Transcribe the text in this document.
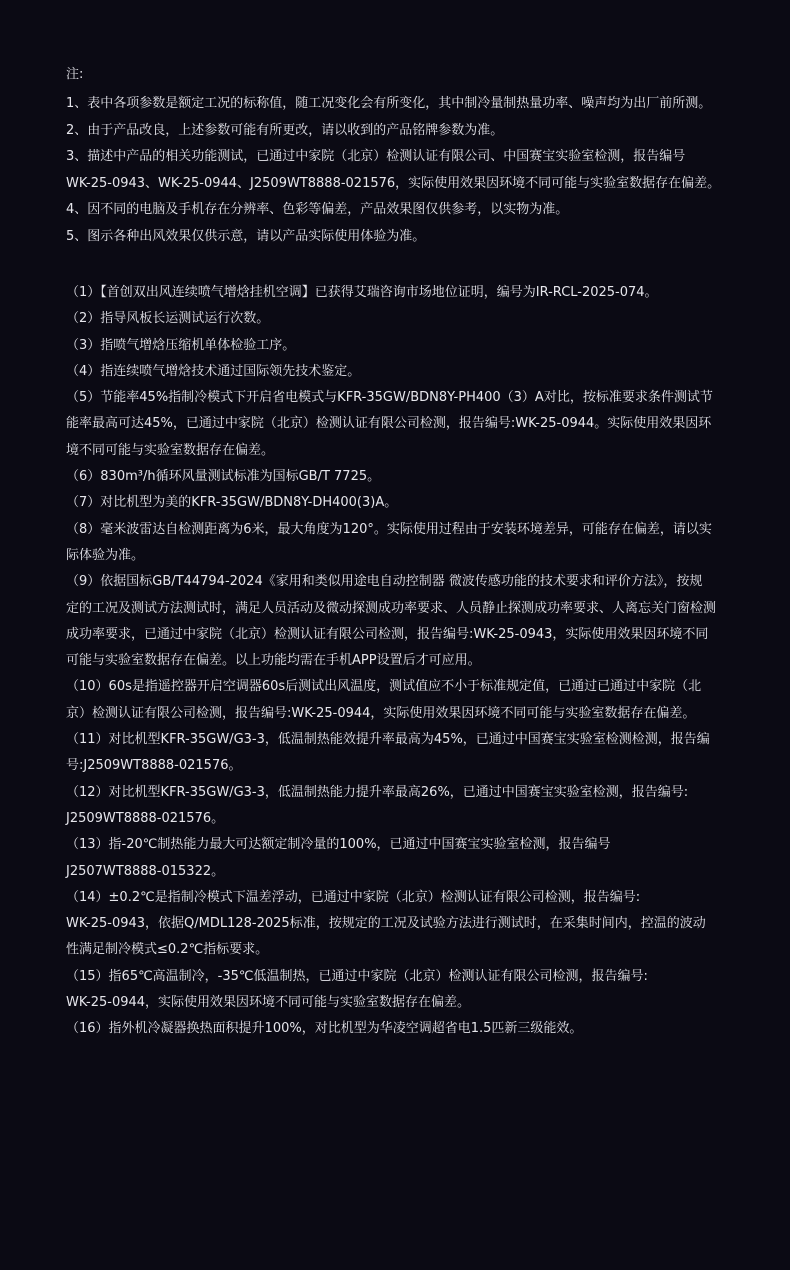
注:
1、表中各项参数是额定工况的标称值，随工况变化会有所变化，其中制冷量制热量功率、噪声均为出厂前所测。
2、由于产品改良，上述参数可能有所更改，请以收到的产品铭牌参数为准。
3、描述中产品的相关功能测试，已通过中家院（北京）检测认证有限公司、中国赛宝实验室检测，报告编号
WK-25-0943、WK-25-0944、J2509WT8888-021576，实际使用效果因环境不同可能与实验室数据存在偏差。
4、因不同的电脑及手机存在分辨率、色彩等偏差，产品效果图仅供参考，以实物为准。
5、图示各种出风效果仅供示意，请以产品实际使用体验为准。
（1）【首创双出风连续喷气增焓挂机空调】已获得艾瑞咨询市场地位证明，编号为IR-RCL-2025-074。
（2）指导风板长运测试运行次数。
（3）指喷气增焓压缩机单体检验工序。
（4）指连续喷气增焓技术通过国际领先技术鉴定。
（5）节能率45%指制冷模式下开启省电模式与KFR-35GW/BDN8Y-PH400（3）A对比，按标准要求条件测试节
能率最高可达45%，已通过中家院（北京）检测认证有限公司检测，报告编号:WK-25-0944。实际使用效果因环
境不同可能与实验室数据存在偏差。
（6）830m³/h循环风量测试标准为国标GB/T 7725。
（7）对比机型为美的KFR-35GW/BDN8Y-DH400(3)A。
（8）毫米波雷达自检测距离为6米，最大角度为120°。实际使用过程由于安装环境差异，可能存在偏差，请以实
际体验为准。
（9）依据国标GB/T44794-2024《家用和类似用途电自动控制器 微波传感功能的技术要求和评价方法》，按规
定的工况及测试方法测试时，满足人员活动及微动探测成功率要求、人员静止探测成功率要求、人离忘关门窗检测
成功率要求，已通过中家院（北京）检测认证有限公司检测，报告编号:WK-25-0943，实际使用效果因环境不同
可能与实验室数据存在偏差。以上功能均需在手机APP设置后才可应用。
（10）60s是指遥控器开启空调器60s后测试出风温度，测试值应不小于标准规定值，已通过已通过中家院（北
京）检测认证有限公司检测，报告编号:WK-25-0944，实际使用效果因环境不同可能与实验室数据存在偏差。
（11）对比机型KFR-35GW/G3-3，低温制热能效提升率最高为45%，已通过中国赛宝实验室检测检测，报告编
号:J2509WT8888-021576。
（12）对比机型KFR-35GW/G3-3，低温制热能力提升率最高26%，已通过中国赛宝实验室检测，报告编号:
J2509WT8888-021576。
（13）指-20℃制热能力最大可达额定制冷量的100%，已通过中国赛宝实验室检测，报告编号
J2507WT8888-015322。
（14）±0.2℃是指制冷模式下温差浮动，已通过中家院（北京）检测认证有限公司检测，报告编号:
WK-25-0943，依据Q/MDL128-2025标准，按规定的工况及试验方法进行测试时，在采集时间内，控温的波动
性满足制冷模式≤0.2℃指标要求。
（15）指65℃高温制冷，-35℃低温制热，已通过中家院（北京）检测认证有限公司检测，报告编号:
WK-25-0944，实际使用效果因环境不同可能与实验室数据存在偏差。
（16）指外机冷凝器换热面积提升100%，对比机型为华凌空调超省电1.5匹新三级能效。
